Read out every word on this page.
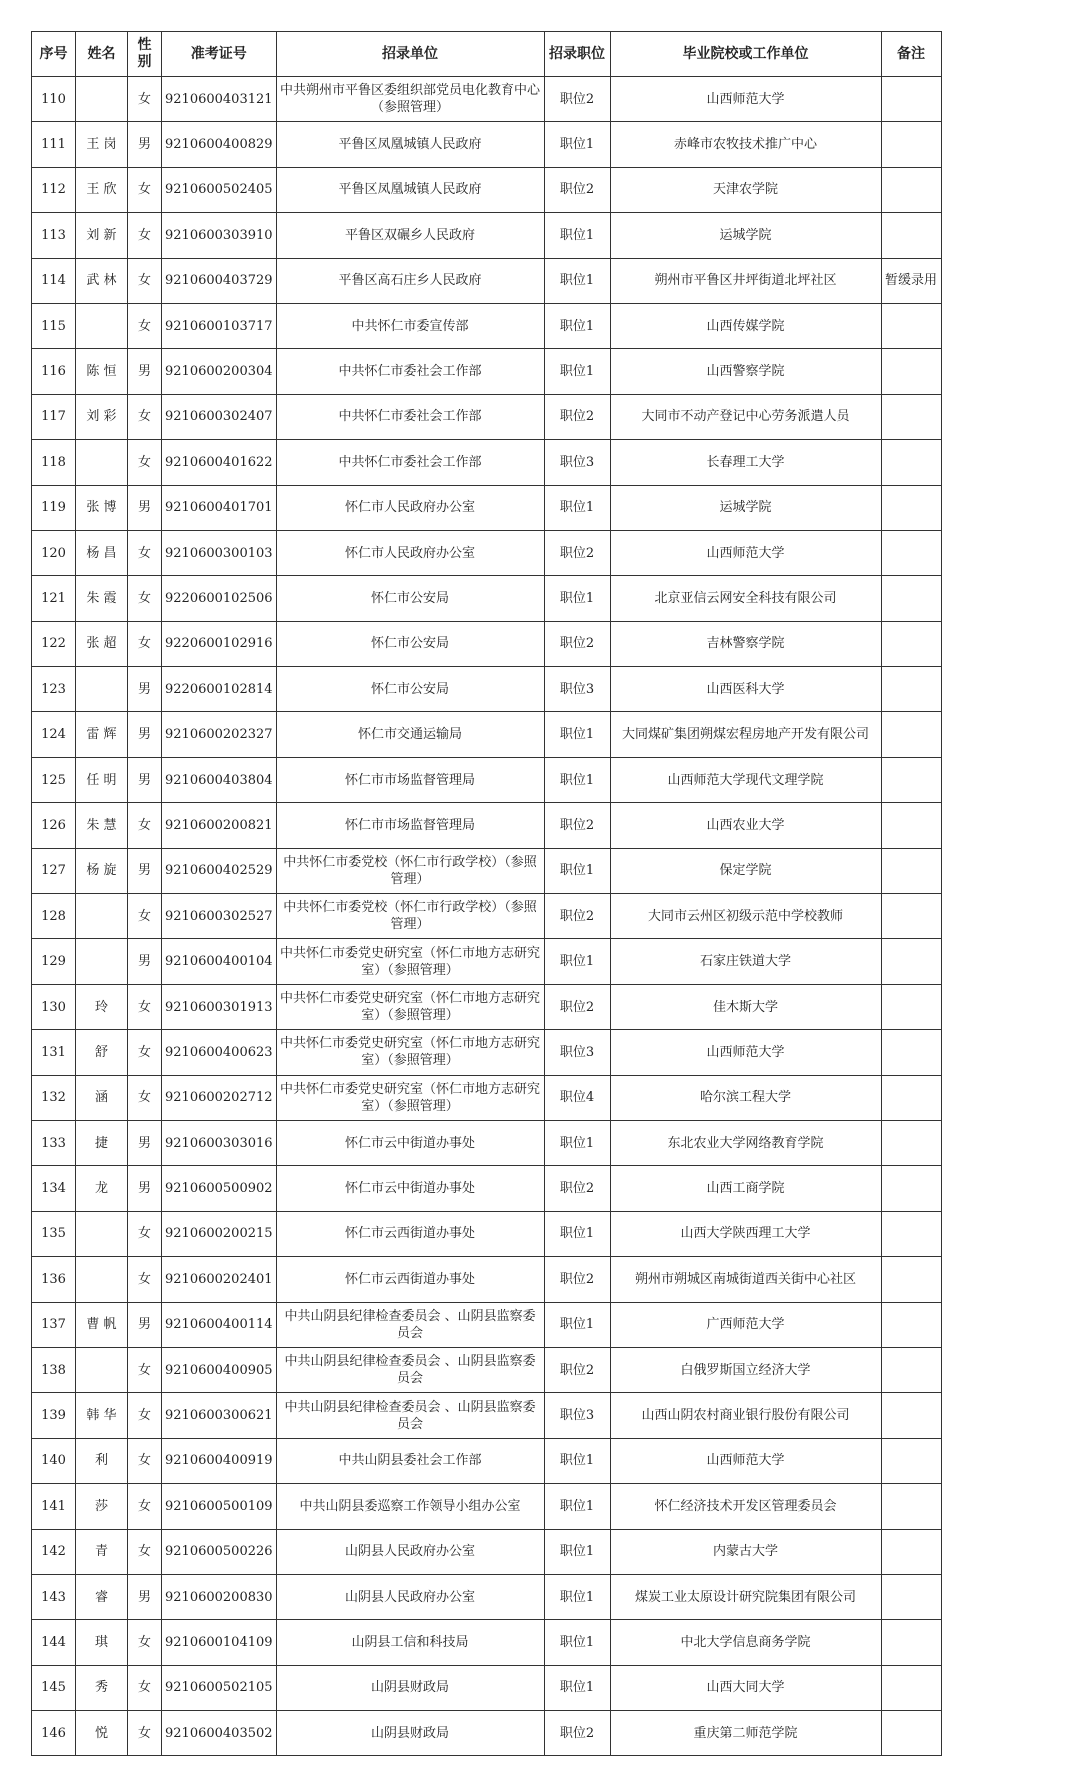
序号	姓名	性别	准考证号	招录单位	招录职位	毕业院校或工作单位	备注
110		女	9210600403121	中共朔州市平鲁区委组织部党员电化教育中心（参照管理）	职位2	山西师范大学	
111	王 岗	男	9210600400829	平鲁区凤凰城镇人民政府	职位1	赤峰市农牧技术推广中心	
112	王 欣	女	9210600502405	平鲁区凤凰城镇人民政府	职位2	天津农学院	
113	刘 新	女	9210600303910	平鲁区双碾乡人民政府	职位1	运城学院	
114	武 林	女	9210600403729	平鲁区高石庄乡人民政府	职位1	朔州市平鲁区井坪街道北坪社区	暂缓录用
115		女	9210600103717	中共怀仁市委宣传部	职位1	山西传媒学院	
116	陈 恒	男	9210600200304	中共怀仁市委社会工作部	职位1	山西警察学院	
117	刘 彩	女	9210600302407	中共怀仁市委社会工作部	职位2	大同市不动产登记中心劳务派遣人员	
118		女	9210600401622	中共怀仁市委社会工作部	职位3	长春理工大学	
119	张 博	男	9210600401701	怀仁市人民政府办公室	职位1	运城学院	
120	杨 昌	女	9210600300103	怀仁市人民政府办公室	职位2	山西师范大学	
121	朱 霞	女	9220600102506	怀仁市公安局	职位1	北京亚信云网安全科技有限公司	
122	张 超	女	9220600102916	怀仁市公安局	职位2	吉林警察学院	
123		男	9220600102814	怀仁市公安局	职位3	山西医科大学	
124	雷 辉	男	9210600202327	怀仁市交通运输局	职位1	大同煤矿集团朔煤宏程房地产开发有限公司	
125	任 明	男	9210600403804	怀仁市市场监督管理局	职位1	山西师范大学现代文理学院	
126	朱 慧	女	9210600200821	怀仁市市场监督管理局	职位2	山西农业大学	
127	杨 旋	男	9210600402529	中共怀仁市委党校（怀仁市行政学校）（参照管理）	职位1	保定学院	
128		女	9210600302527	中共怀仁市委党校（怀仁市行政学校）（参照管理）	职位2	大同市云州区初级示范中学校教师	
129		男	9210600400104	中共怀仁市委党史研究室（怀仁市地方志研究室）（参照管理）	职位1	石家庄铁道大学	
130	玲	女	9210600301913	中共怀仁市委党史研究室（怀仁市地方志研究室）（参照管理）	职位2	佳木斯大学	
131	舒	女	9210600400623	中共怀仁市委党史研究室（怀仁市地方志研究室）（参照管理）	职位3	山西师范大学	
132	涵	女	9210600202712	中共怀仁市委党史研究室（怀仁市地方志研究室）（参照管理）	职位4	哈尔滨工程大学	
133	捷	男	9210600303016	怀仁市云中街道办事处	职位1	东北农业大学网络教育学院	
134	龙	男	9210600500902	怀仁市云中街道办事处	职位2	山西工商学院	
135		女	9210600200215	怀仁市云西街道办事处	职位1	山西大学陕西理工大学	
136		女	9210600202401	怀仁市云西街道办事处	职位2	朔州市朔城区南城街道西关街中心社区	
137	曹 帆	男	9210600400114	中共山阴县纪律检查委员会 、山阴县监察委员会	职位1	广西师范大学	
138		女	9210600400905	中共山阴县纪律检查委员会 、山阴县监察委员会	职位2	白俄罗斯国立经济大学	
139	韩 华	女	9210600300621	中共山阴县纪律检查委员会 、山阴县监察委员会	职位3	山西山阴农村商业银行股份有限公司	
140	利	女	9210600400919	中共山阴县委社会工作部	职位1	山西师范大学	
141	莎	女	9210600500109	中共山阴县委巡察工作领导小组办公室	职位1	怀仁经济技术开发区管理委员会	
142	青	女	9210600500226	山阴县人民政府办公室	职位1	内蒙古大学	
143	睿	男	9210600200830	山阴县人民政府办公室	职位1	煤炭工业太原设计研究院集团有限公司	
144	琪	女	9210600104109	山阴县工信和科技局	职位1	中北大学信息商务学院	
145	秀	女	9210600502105	山阴县财政局	职位1	山西大同大学	
146	悦	女	9210600403502	山阴县财政局	职位2	重庆第二师范学院	
